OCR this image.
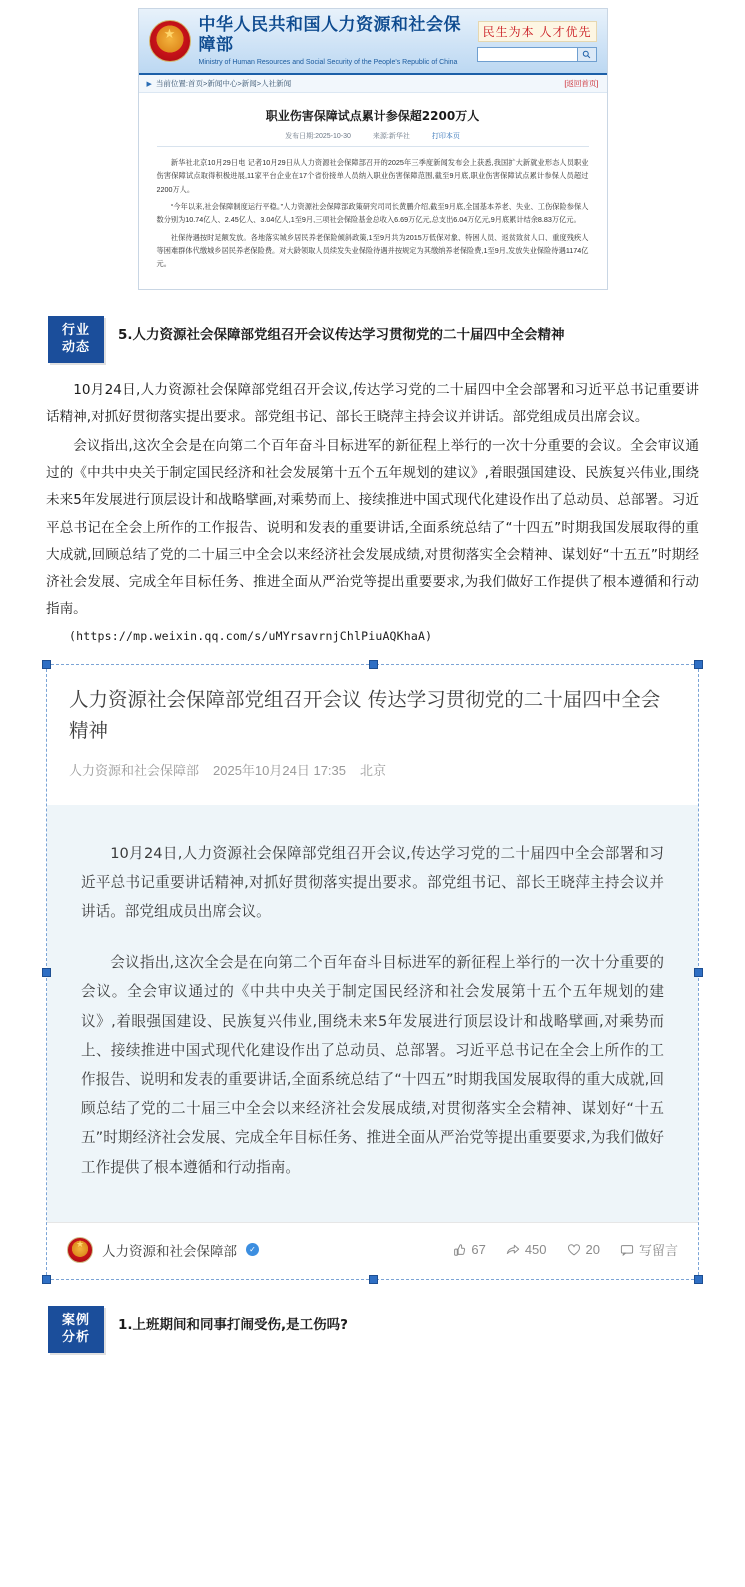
★
中华人民共和国人力资源和社会保障部
Ministry of Human Resources and Social Security of the People's Republic of China
民生为本 人才优先
▶ 当前位置: 首页>新闻中心>新闻>人社新闻	[返回首页]
职业伤害保障试点累计参保超2200万人
发布日期:2025-10-30	来源:新华社	打印本页

新华社北京10月29日电 记者10月29日从人力资源社会保障部召开的2025年三季度新闻发布会上获悉,我国扩大新就业形态人员职业伤害保障试点取得积极进展,11家平台企业在17个省份接单人员纳入职业伤害保障范围,截至9月底,职业伤害保障试点累计参保人员超过2200万人。

“今年以来,社会保障制度运行平稳。”人力资源社会保障部政策研究司司长黄鹏介绍,截至9月底,全国基本养老、失业、工伤保险参保人数分别为10.74亿人、2.45亿人、3.04亿人,1至9月,三项社会保险基金总收入6.69万亿元,总支出6.04万亿元,9月底累计结余8.83万亿元。

社保待遇按时足额发放。各地落实城乡居民养老保险倾斜政策,1至9月共为2015万低保对象、特困人员、返贫致贫人口、重度残疾人等困难群体代缴城乡居民养老保险费。对大龄领取人员续发失业保险待遇并按规定为其缴纳养老保险费,1至9月,发放失业保险待遇1174亿元。

行业
动态
5.人力资源社会保障部党组召开会议传达学习贯彻党的二十届四中全会精神

10月24日,人力资源社会保障部党组召开会议,传达学习党的二十届四中全会部署和习近平总书记重要讲话精神,对抓好贯彻落实提出要求。部党组书记、部长王晓萍主持会议并讲话。部党组成员出席会议。

会议指出,这次全会是在向第二个百年奋斗目标进军的新征程上举行的一次十分重要的会议。全会审议通过的《中共中央关于制定国民经济和社会发展第十五个五年规划的建议》,着眼强国建设、民族复兴伟业,围绕未来5年发展进行顶层设计和战略擘画,对乘势而上、接续推进中国式现代化建设作出了总动员、总部署。习近平总书记在全会上所作的工作报告、说明和发表的重要讲话,全面系统总结了“十四五”时期我国发展取得的重大成就,回顾总结了党的二十届三中全会以来经济社会发展成绩,对贯彻落实全会精神、谋划好“十五五”时期经济社会发展、完成全年目标任务、推进全面从严治党等提出重要要求,为我们做好工作提供了根本遵循和行动指南。

(https://mp.weixin.qq.com/s/uMYrsavrnjChlPiuAQKhaA)

人力资源社会保障部党组召开会议 传达学习贯彻党的二十届四中全会精神
人力资源和社会保障部 2025年10月24日 17:35 北京

10月24日,人力资源社会保障部党组召开会议,传达学习党的二十届四中全会部署和习近平总书记重要讲话精神,对抓好贯彻落实提出要求。部党组书记、部长王晓萍主持会议并讲话。部党组成员出席会议。

会议指出,这次全会是在向第二个百年奋斗目标进军的新征程上举行的一次十分重要的会议。全会审议通过的《中共中央关于制定国民经济和社会发展第十五个五年规划的建议》,着眼强国建设、民族复兴伟业,围绕未来5年发展进行顶层设计和战略擘画,对乘势而上、接续推进中国式现代化建设作出了总动员、总部署。习近平总书记在全会上所作的工作报告、说明和发表的重要讲话,全面系统总结了“十四五”时期我国发展取得的重大成就,回顾总结了党的二十届三中全会以来经济社会发展成绩,对贯彻落实全会精神、谋划好“十五五”时期经济社会发展、完成全年目标任务、推进全面从严治党等提出重要要求,为我们做好工作提供了根本遵循和行动指南。

★
人力资源和社会保障部	✓	67	450	20	写留言
案例
分析
1.上班期间和同事打闹受伤,是工伤吗?
